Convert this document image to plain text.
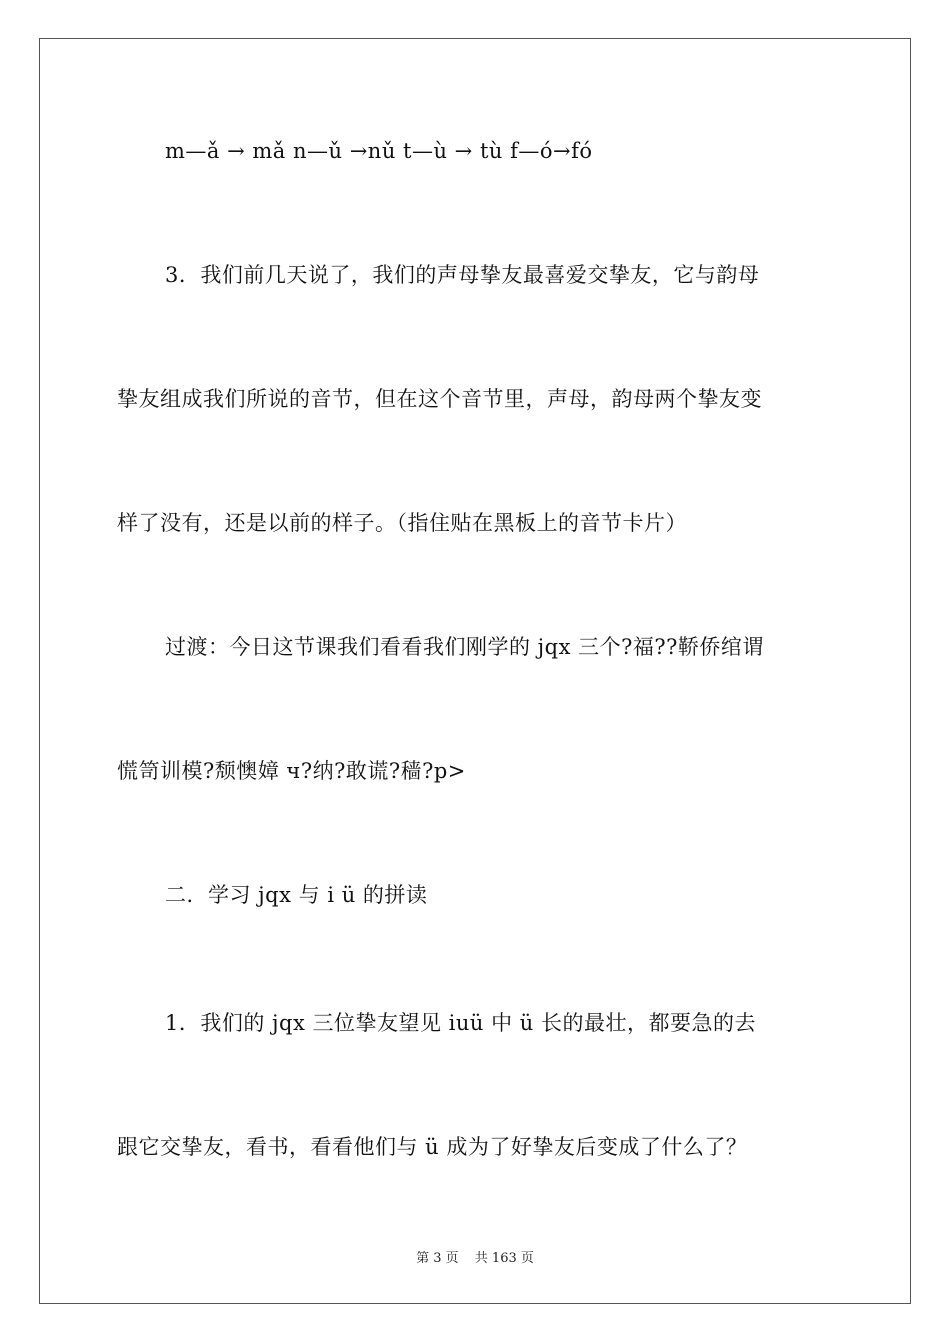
m—ǎ → mǎ n—ǔ →nǔ t—ù → tù f—ó→fó
3．我们前几天说了，我们的声母挚友最喜爱交挚友，它与韵母
挚友组成我们所说的音节，但在这个音节里，声母，韵母两个挚友变
样了没有，还是以前的样子。（指住贴在黑板上的音节卡片）
过渡：今日这节课我们看看我们刚学的 jqx 三个?福??鞒侨绾谓
慌笥训模?颓懊嫜 ч?纳?敢谎?穑?p>
二．学习 jqx 与 i ü 的拼读
1．我们的 jqx 三位挚友望见 iuü 中 ü 长的最壮，都要急的去
跟它交挚友，看书，看看他们与 ü 成为了好挚友后变成了什么了？
第 3 页 共 163 页
